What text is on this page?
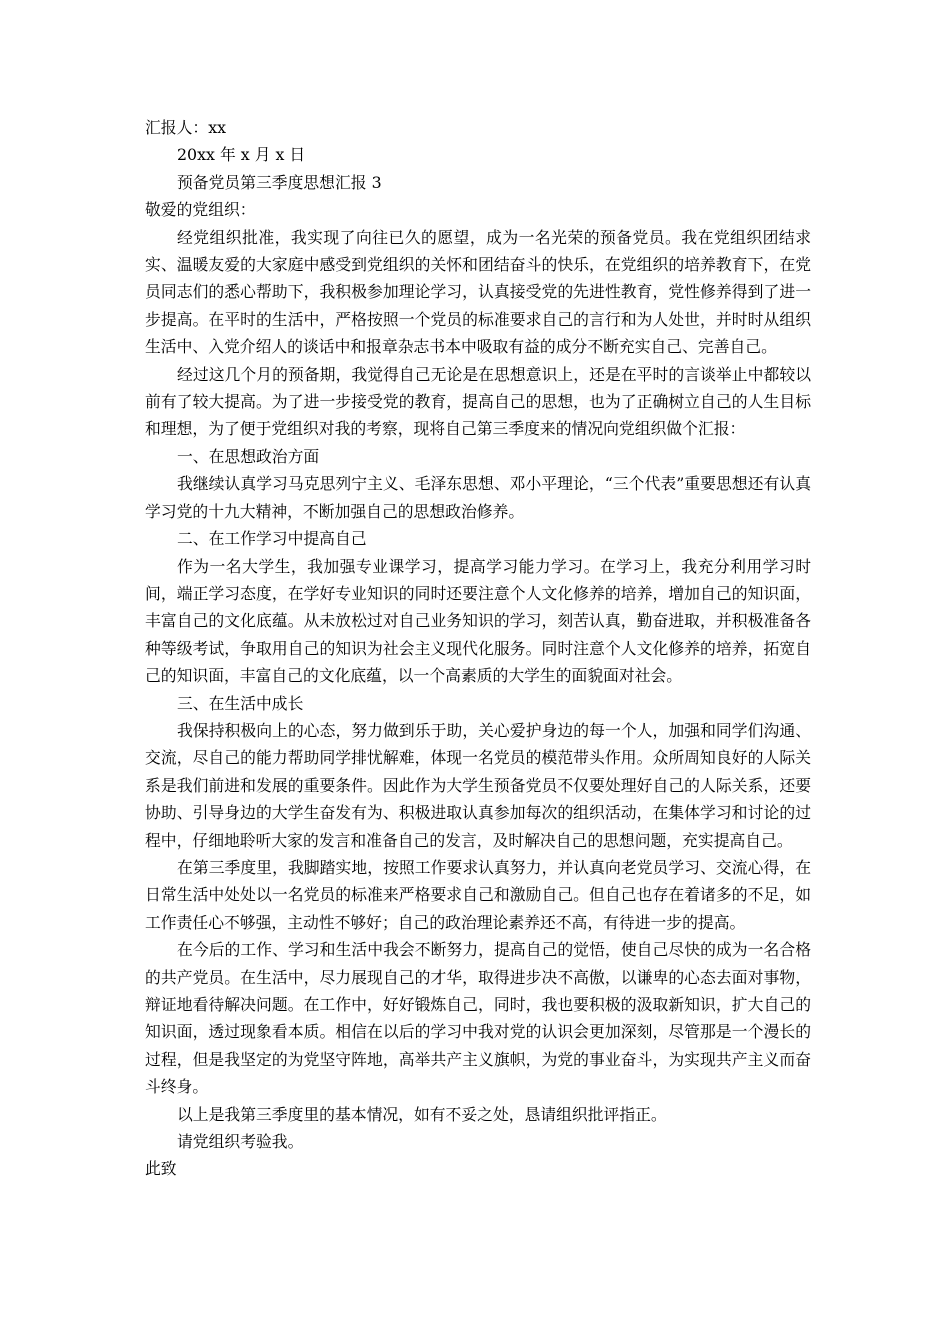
汇报人：xx
20xx 年 x 月 x 日
预备党员第三季度思想汇报 3
敬爱的党组织：
经党组织批准，我实现了向往已久的愿望，成为一名光荣的预备党员。我在党组织团结求实、温暖友爱的大家庭中感受到党组织的关怀和团结奋斗的快乐，在党组织的培养教育下，在党员同志们的悉心帮助下，我积极参加理论学习，认真接受党的先进性教育，党性修养得到了进一步提高。在平时的生活中，严格按照一个党员的标准要求自己的言行和为人处世，并时时从组织生活中、入党介绍人的谈话中和报章杂志书本中吸取有益的成分不断充实自己、完善自己。
经过这几个月的预备期，我觉得自己无论是在思想意识上，还是在平时的言谈举止中都较以前有了较大提高。为了进一步接受党的教育，提高自己的思想，也为了正确树立自己的人生目标和理想，为了便于党组织对我的考察，现将自己第三季度来的情况向党组织做个汇报：
一、在思想政治方面
我继续认真学习马克思列宁主义、毛泽东思想、邓小平理论，“三个代表”重要思想还有认真学习党的十九大精神，不断加强自己的思想政治修养。
二、在工作学习中提高自己
作为一名大学生，我加强专业课学习，提高学习能力学习。在学习上，我充分利用学习时间，端正学习态度，在学好专业知识的同时还要注意个人文化修养的培养，增加自己的知识面，丰富自己的文化底蕴。从未放松过对自己业务知识的学习，刻苦认真，勤奋进取，并积极准备各种等级考试，争取用自己的知识为社会主义现代化服务。同时注意个人文化修养的培养，拓宽自己的知识面，丰富自己的文化底蕴，以一个高素质的大学生的面貌面对社会。
三、在生活中成长
我保持积极向上的心态，努力做到乐于助，关心爱护身边的每一个人，加强和同学们沟通、交流，尽自己的能力帮助同学排忧解难，体现一名党员的模范带头作用。众所周知良好的人际关系是我们前进和发展的重要条件。因此作为大学生预备党员不仅要处理好自己的人际关系，还要协助、引导身边的大学生奋发有为、积极进取认真参加每次的组织活动，在集体学习和讨论的过程中，仔细地聆听大家的发言和准备自己的发言，及时解决自己的思想问题，充实提高自己。
在第三季度里，我脚踏实地，按照工作要求认真努力，并认真向老党员学习、交流心得，在日常生活中处处以一名党员的标准来严格要求自己和激励自己。但自己也存在着诸多的不足，如工作责任心不够强，主动性不够好；自己的政治理论素养还不高，有待进一步的提高。
在今后的工作、学习和生活中我会不断努力，提高自己的觉悟，使自己尽快的成为一名合格的共产党员。在生活中，尽力展现自己的才华，取得进步决不高傲，以谦卑的心态去面对事物，辩证地看待解决问题。在工作中，好好锻炼自己，同时，我也要积极的汲取新知识，扩大自己的知识面，透过现象看本质。相信在以后的学习中我对党的认识会更加深刻，尽管那是一个漫长的过程，但是我坚定的为党坚守阵地，高举共产主义旗帜，为党的事业奋斗，为实现共产主义而奋斗终身。
以上是我第三季度里的基本情况，如有不妥之处，恳请组织批评指正。
请党组织考验我。
此致
